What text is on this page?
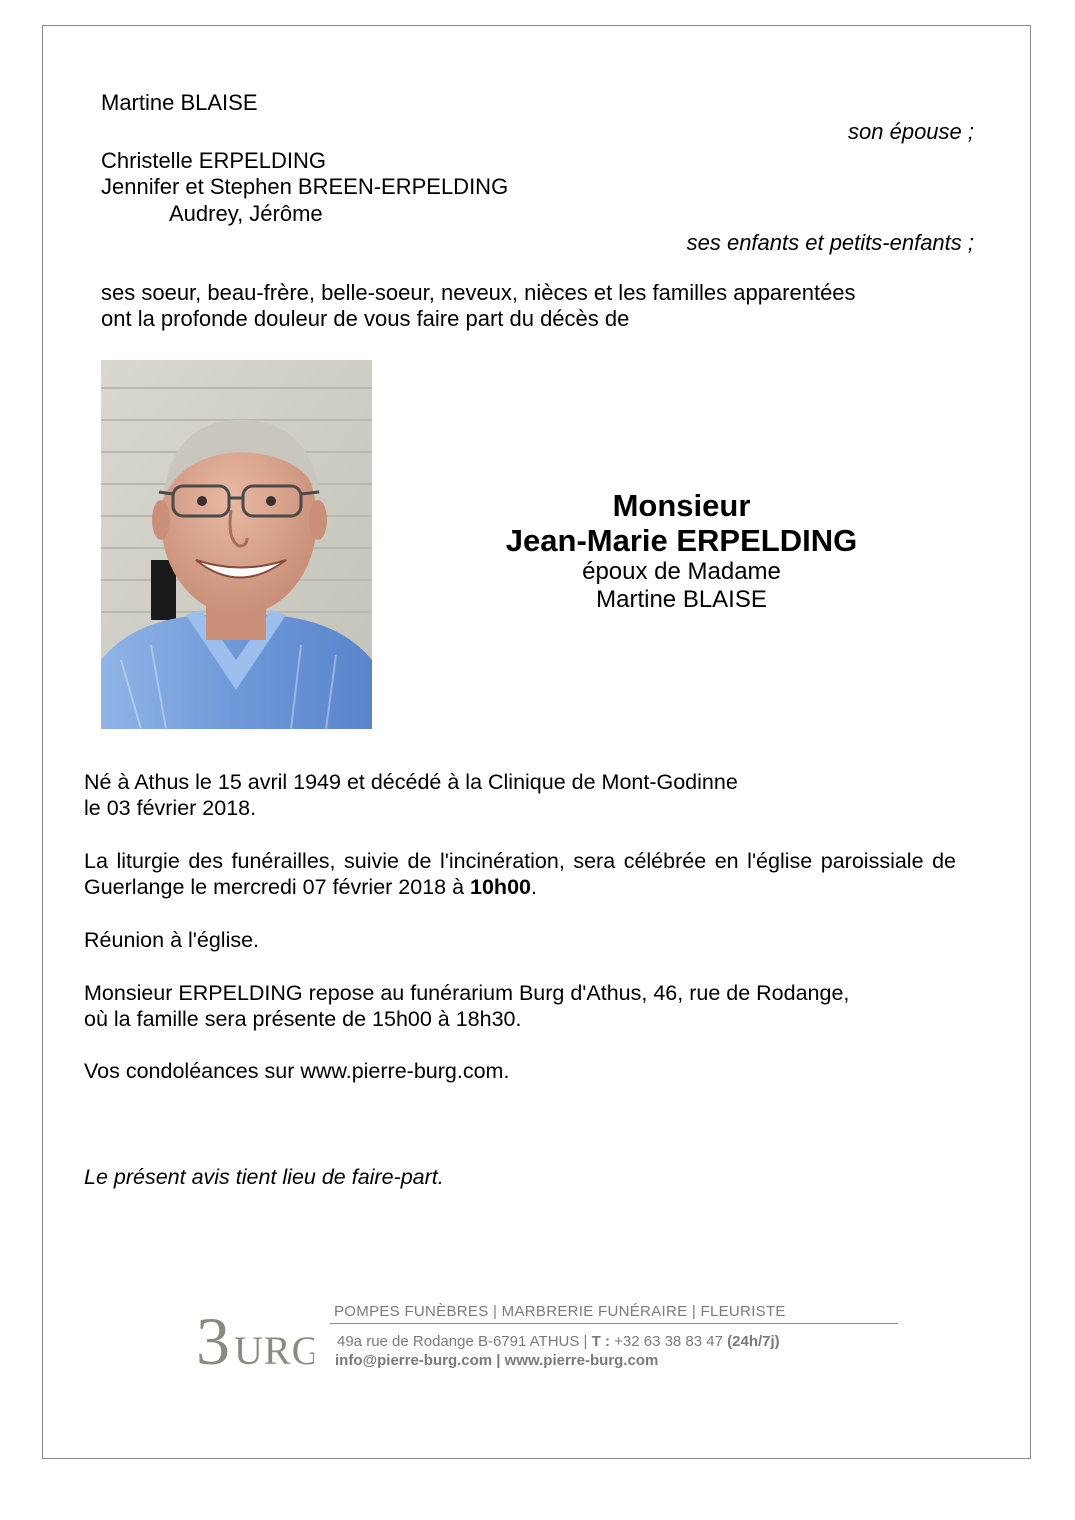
Martine BLAISE
son épouse ;
Christelle ERPELDING
Jennifer et Stephen BREEN-ERPELDING
Audrey, Jérôme
ses enfants et petits-enfants ;
ses soeur, beau-frère, belle-soeur, neveux, nièces et les familles apparentées
ont la profonde douleur de vous faire part du décès de
Monsieur
Jean-Marie ERPELDING
époux de Madame
Martine BLAISE
Né à Athus le 15 avril 1949 et décédé à la Clinique de Mont-Godinne
le 03 février 2018.
La liturgie des funérailles, suivie de l'incinération, sera célébrée en l'église paroissiale de Guerlange le mercredi 07 février 2018 à 10h00.
Réunion à l'église.
Monsieur ERPELDING repose au funérarium Burg d'Athus, 46, rue de Rodange,
où la famille sera présente de 15h00 à 18h30.
Vos condoléances sur www.pierre-burg.com.
Le présent avis tient lieu de faire-part.
3 URG
POMPES FUNÈBRES | MARBRERIE FUNÉRAIRE | FLEURISTE
49a rue de Rodange B-6791 ATHUS | T : +32 63 38 83 47 (24h/7j)
info@pierre-burg.com | www.pierre-burg.com
